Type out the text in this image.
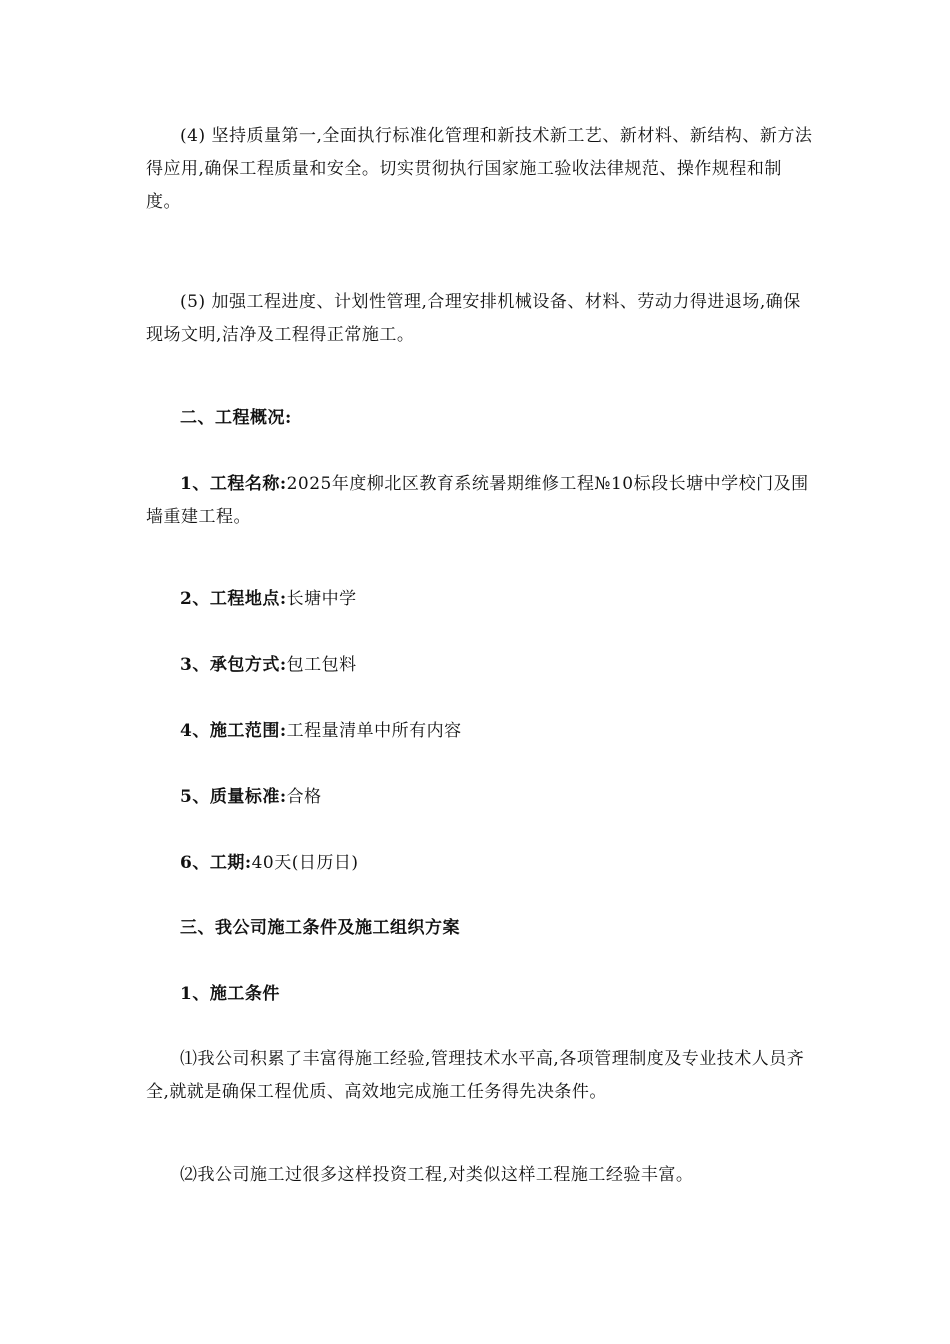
(4) 坚持质量第一,全面执行标准化管理和新技术新工艺、新材料、新结构、新方法得应用,确保工程质量和安全。切实贯彻执行国家施工验收法律规范、操作规程和制度。

(5) 加强工程进度、计划性管理,合理安排机械设备、材料、劳动力得进退场,确保现场文明,洁净及工程得正常施工。

二、工程概况:

1、工程名称:2025年度柳北区教育系统暑期维修工程№10标段长塘中学校门及围墙重建工程。

2、工程地点:长塘中学

3、承包方式:包工包料

4、施工范围:工程量清单中所有内容

5、质量标准:合格

6、工期:40天(日历日)

三、我公司施工条件及施工组织方案

1、施工条件

⑴我公司积累了丰富得施工经验,管理技术水平高,各项管理制度及专业技术人员齐全,就就是确保工程优质、高效地完成施工任务得先决条件。

⑵我公司施工过很多这样投资工程,对类似这样工程施工经验丰富。
